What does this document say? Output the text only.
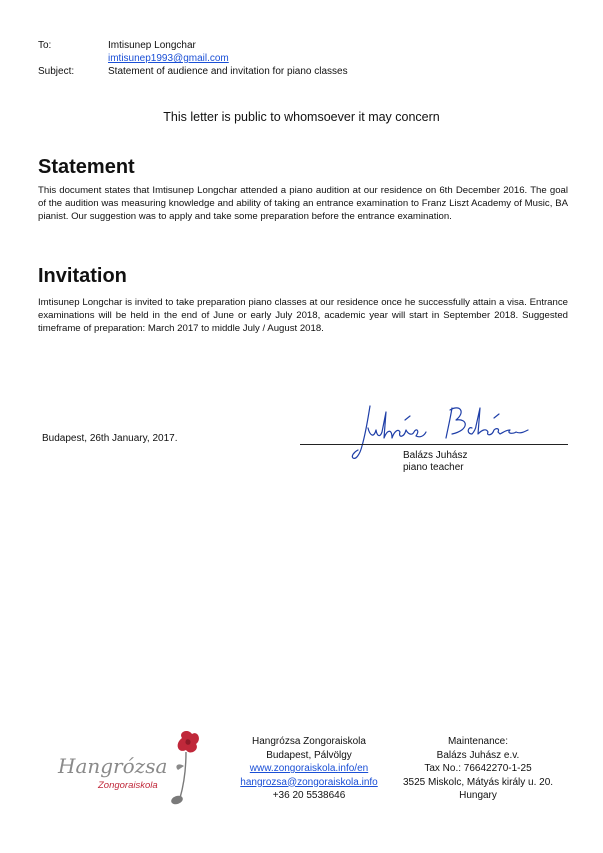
To:	Imtisunep Longchar
imtisunep1993@gmail.com
Subject:	Statement of audience and invitation for piano classes
This letter is public to whomsoever it may concern
Statement

This document states that Imtisunep Longchar attended a piano audition at our residence on 6th December 2016. The goal of the audition was measuring knowledge and ability of taking an entrance examination to Franz Liszt Academy of Music, BA pianist. Our suggestion was to apply and take some preparation before the entrance examination.

Invitation

Imtisunep Longchar is invited to take preparation piano classes at our residence once he successfully attain a visa. Entrance examinations will be held in the end of June or early July 2018, academic year will start in September 2018. Suggested timeframe of preparation: March 2017 to middle July / August 2018.

Budapest, 26th January, 2017.
Balázs Juhász
piano teacher
Hangrózsa
Zongoraiskola
Hangrózsa Zongoraiskola
Budapest, Pálvölgy
www.zongoraiskola.info/en
hangrozsa@zongoraiskola.info
+36 20 5538646
Maintenance:
Balázs Juhász e.v.
Tax No.: 76642270-1-25
3525 Miskolc, Mátyás király u. 20.
Hungary
